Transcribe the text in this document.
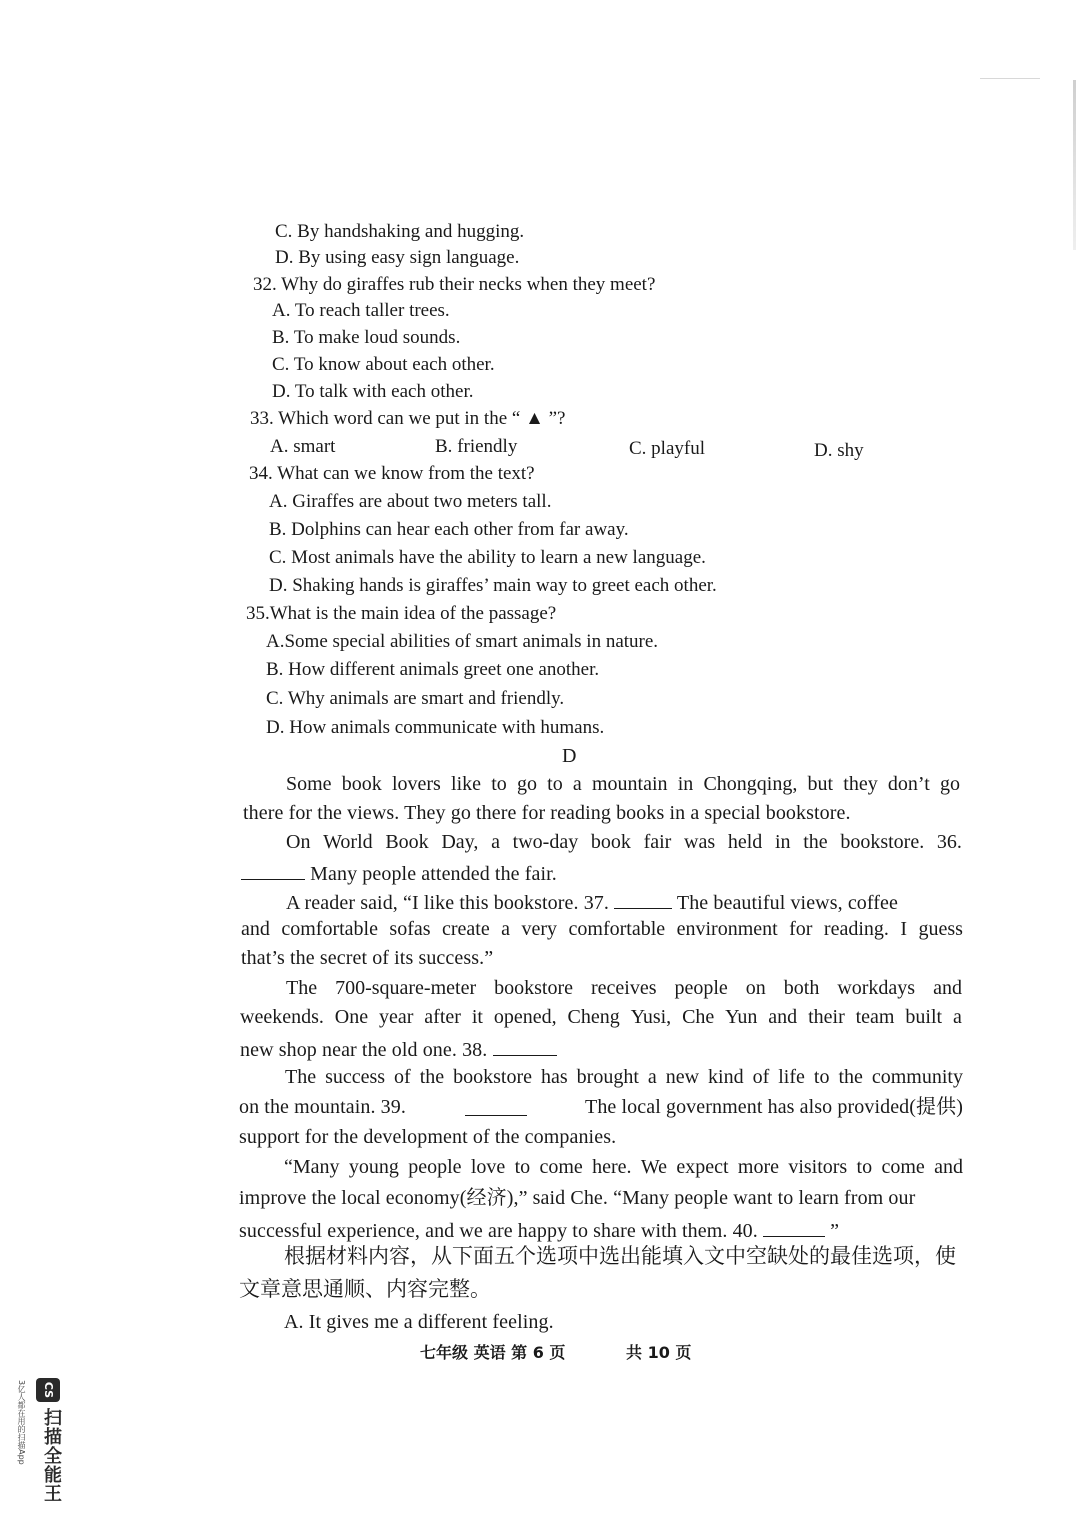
C. By handshaking and hugging.
D. By using easy sign language.
32. Why do giraffes rub their necks when they meet?
A. To reach taller trees.
B. To make loud sounds.
C. To know about each other.
D. To talk with each other.
33. Which word can we put in the “ ▲ ”?
A. smart	B. friendly	C. playful	D. shy
34. What can we know from the text?
A. Giraffes are about two meters tall.
B. Dolphins can hear each other from far away.
C. Most animals have the ability to learn a new language.
D. Shaking hands is giraffes’ main way to greet each other.
35.What is the main idea of the passage?
A.Some special abilities of smart animals in nature.
B. How different animals greet one another.
C. Why animals are smart and friendly.
D. How animals communicate with humans.
D
Some book lovers like to go to a mountain in Chongqing, but they don’t go
there for the views. They go there for reading books in a special bookstore.
On World Book Day, a two-day book fair was held in the bookstore. 36.
Many people attended the fair.
A reader said, “I like this bookstore. 37.	The beautiful views, coffee
and comfortable sofas create a very comfortable environment for reading. I guess
that’s the secret of its success.”
The 700-square-meter bookstore receives people on both workdays and
weekends. One year after it opened, Cheng Yusi, Che Yun and their team built a
new shop near the old one. 38.
The success of the bookstore has brought a new kind of life to the community
on the mountain. 39.	The local government has also provided(提供)
support for the development of the companies.
“Many young people love to come here. We expect more visitors to come and
improve the local economy(经济),” said Che. “Many people want to learn from our
successful experience, and we are happy to share with them. 40.	”
根据材料内容，从下面五个选项中选出能填入文中空缺处的最佳选项，使
文章意思通顺、内容完整。
A. It gives me a different feeling.
七年级 英语 第 6 页	共 10 页
CS
扫描全能王
3亿人都在用的扫描App
